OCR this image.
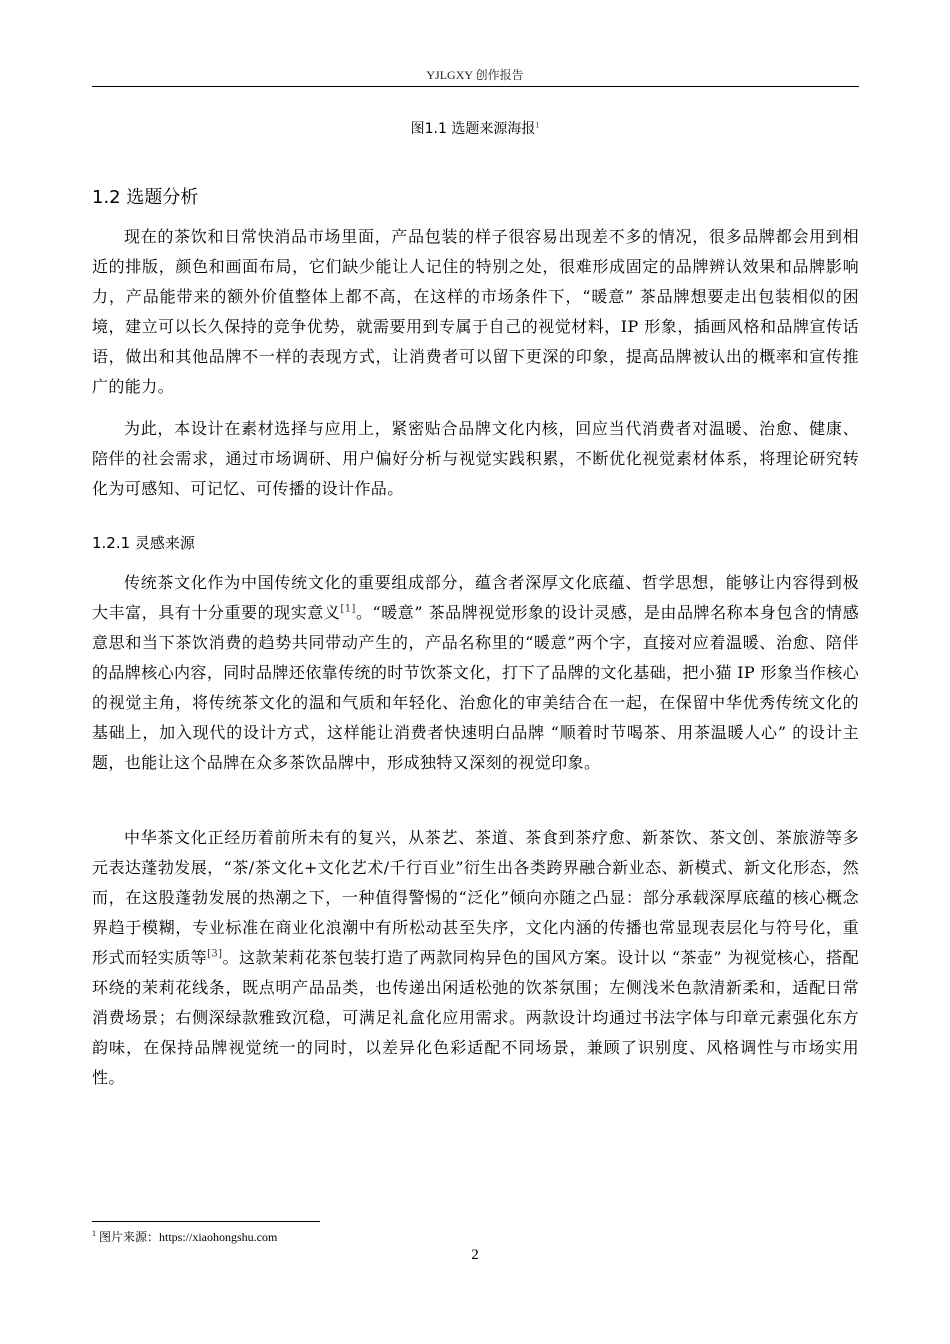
YJLGXY 创作报告
图1.1 选题来源海报$^1$
1.2 选题分析

现在的茶饮和日常快消品市场里面，产品包装的样子很容易出现差不多的情况，很多品牌都会用到相近的排版，颜色和画面布局，它们缺少能让人记住的特别之处，很难形成固定的品牌辨认效果和品牌影响力，产品能带来的额外价值整体上都不高，在这样的市场条件下，“暖意” 茶品牌想要走出包装相似的困境，建立可以长久保持的竞争优势，就需要用到专属于自己的视觉材料，IP 形象，插画风格和品牌宣传话语，做出和其他品牌不一样的表现方式，让消费者可以留下更深的印象，提高品牌被认出的概率和宣传推广的能力。

为此，本设计在素材选择与应用上，紧密贴合品牌文化内核，回应当代消费者对温暖、治愈、健康、陪伴的社会需求，通过市场调研、用户偏好分析与视觉实践积累，不断优化视觉素材体系，将理论研究转化为可感知、可记忆、可传播的设计作品。

1.2.1 灵感来源

传统茶文化作为中国传统文化的重要组成部分，蕴含者深厚文化底蕴、哲学思想，能够让内容得到极大丰富，具有十分重要的现实意义[1]。“暖意” 茶品牌视觉形象的设计灵感，是由品牌名称本身包含的情感意思和当下茶饮消费的趋势共同带动产生的，产品名称里的“暖意”两个字，直接对应着温暖、治愈、陪伴的品牌核心内容，同时品牌还依靠传统的时节饮茶文化，打下了品牌的文化基础，把小猫 IP 形象当作核心的视觉主角，将传统茶文化的温和气质和年轻化、治愈化的审美结合在一起，在保留中华优秀传统文化的基础上，加入现代的设计方式，这样能让消费者快速明白品牌 “顺着时节喝茶、用茶温暖人心” 的设计主题，也能让这个品牌在众多茶饮品牌中，形成独特又深刻的视觉印象。

中华茶文化正经历着前所未有的复兴，从茶艺、茶道、茶食到茶疗愈、新茶饮、茶文创、茶旅游等多元表达蓬勃发展，“茶/茶文化+文化艺术/千行百业”衍生出各类跨界融合新业态、新模式、新文化形态，然而，在这股蓬勃发展的热潮之下，一种值得警惕的“泛化”倾向亦随之凸显：部分承载深厚底蕴的核心概念界趋于模糊，专业标准在商业化浪潮中有所松动甚至失序，文化内涵的传播也常显现表层化与符号化，重形式而轻实质等[3]。这款茉莉花茶包装打造了两款同构异色的国风方案。设计以 “茶壶” 为视觉核心，搭配环绕的茉莉花线条，既点明产品品类，也传递出闲适松弛的饮茶氛围；左侧浅米色款清新柔和，适配日常消费场景；右侧深绿款雅致沉稳，可满足礼盒化应用需求。两款设计均通过书法字体与印章元素强化东方韵味，在保持品牌视觉统一的同时，以差异化色彩适配不同场景，兼顾了识别度、风格调性与市场实用性。

$^1$ 图片来源：https://xiaohongshu.com
2
